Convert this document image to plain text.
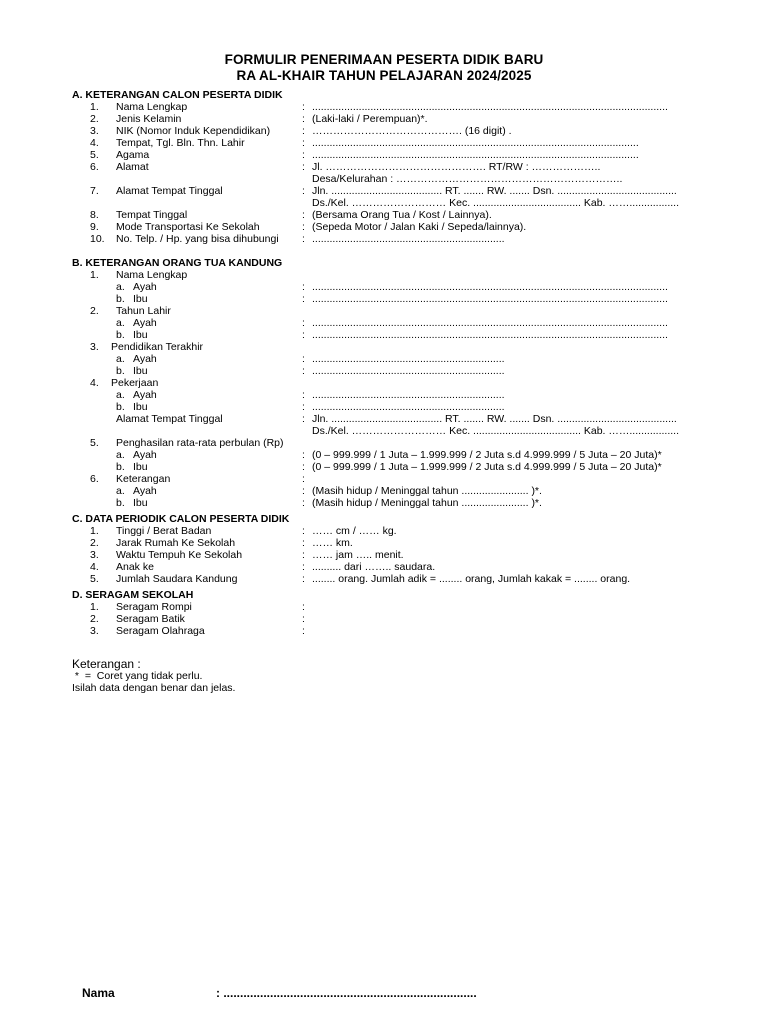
FORMULIR PENERIMAAN PESERTA DIDIK BARU
RA AL-KHAIR TAHUN PELAJARAN 2024/2025
A. KETERANGAN CALON PESERTA DIDIK
1. Nama Lengkap	: ..........................................................................................................................
2. Jenis Kelamin	: (Laki-laki / Perempuan)*.
3. NIK (Nomor Induk Kependidikan)	: ……………………………………. (16 digit) .
4. Tempat, Tgl. Bln. Thn. Lahir	: ................................................................................................................
5. Agama	: ................................................................................................................
6. Alamat	: Jl. ………………………………………. RT/RW : ………………..
Desa/Kelurahan : ………………………………………………………..
7. Alamat Tempat Tinggal	: Jln. ...................................... RT. ....... RW. ....... Dsn. .........................................
Ds./Kel. ……………………… Kec. ..................................... Kab. …….................
8. Tempat Tinggal	: (Bersama Orang Tua / Kost / Lainnya).
9. Mode Transportasi Ke Sekolah	: (Sepeda Motor / Jalan Kaki / Sepeda/lainnya).
10. No. Telp. / Hp. yang bisa dihubungi : ..................................................................
B. KETERANGAN ORANG TUA KANDUNG
1. Nama Lengkap
a. Ayah	: ..........................................................................................................................
b. Ibu	: ..........................................................................................................................
2. Tahun Lahir
a. Ayah	: ..........................................................................................................................
b. Ibu	: ..........................................................................................................................
3. Pendidikan Terakhir
a. Ayah	: ..................................................................
b. Ibu	: ..................................................................
4. Pekerjaan
a. Ayah	: ..................................................................
b. Ibu	: ..................................................................
Alamat Tempat Tinggal	: Jln. ...................................... RT. ....... RW. ....... Dsn. .........................................
Ds./Kel. ……………………… Kec. ..................................... Kab. …….................
5. Penghasilan rata-rata perbulan (Rp)
a. Ayah	: (0 – 999.999 / 1 Juta – 1.999.999 / 2 Juta s.d 4.999.999 / 5 Juta – 20 Juta)*
b. Ibu	: (0 – 999.999 / 1 Juta – 1.999.999 / 2 Juta s.d 4.999.999 / 5 Juta – 20 Juta)*
6. Keterangan	:
a. Ayah	: (Masih hidup / Meninggal tahun ....................... )*.
b. Ibu	: (Masih hidup / Meninggal tahun ....................... )*.
C. DATA PERIODIK CALON PESERTA DIDIK
1. Tinggi / Berat Badan	: …… cm / …… kg.
2. Jarak Rumah Ke Sekolah	: …… km.
3. Waktu Tempuh Ke Sekolah	: …… jam ….. menit.
4. Anak ke	: .......... dari …….. saudara.
5. Jumlah Saudara Kandung	: ........ orang. Jumlah adik = ........ orang, Jumlah kakak = ........ orang.
D. SERAGAM SEKOLAH
1. Seragam Rompi	:
2. Seragam Batik	:
3. Seragam Olahraga	:
Keterangan :
*  =  Coret yang tidak perlu.
Isilah data dengan benar dan jelas.
Nama	: ............................................................................
